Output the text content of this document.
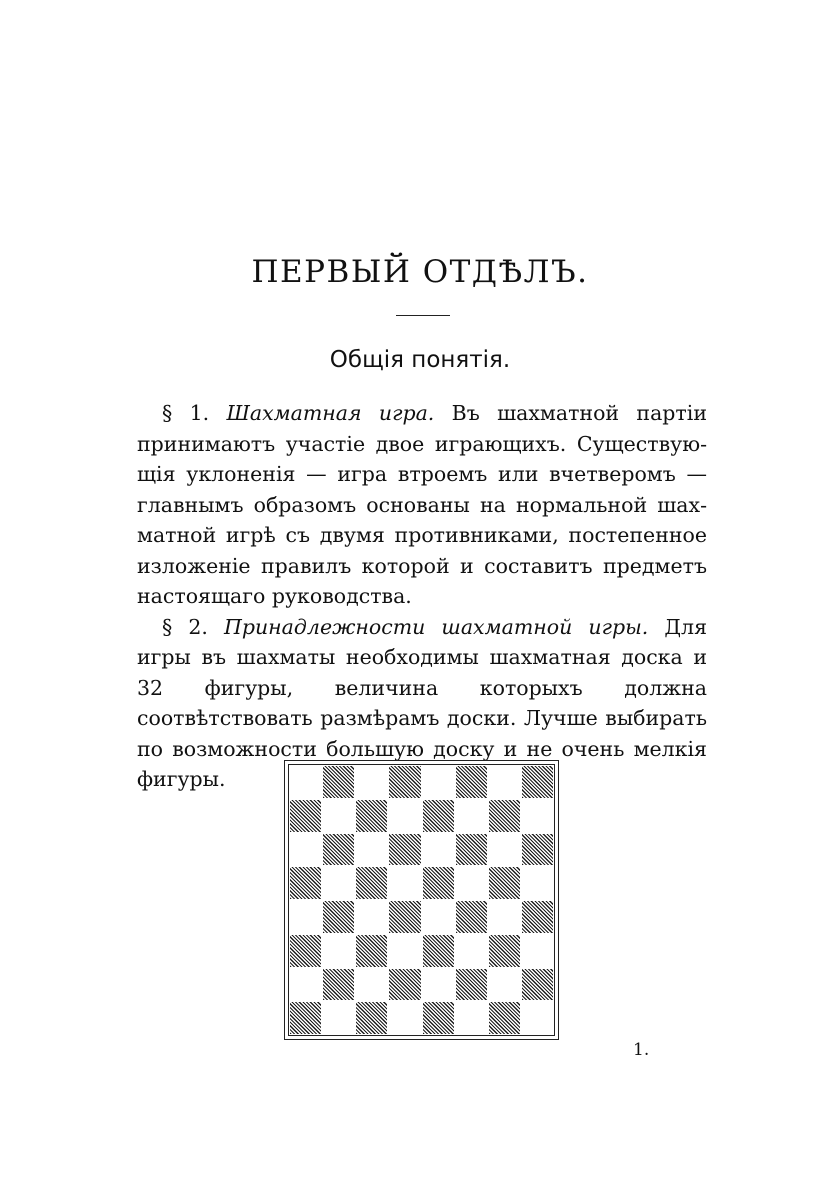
ПЕРВЫЙ ОТДѢЛЪ.
Общія понятія.

§ 1. Шахматная игра. Въ шахматной партіи принимаютъ участіе двое играющихъ. Существующія уклоненія — игра втроемъ или вчетверомъ — главнымъ образомъ основаны на нормальной шахматной игрѣ съ двумя противниками, постепенное изложеніе правилъ которой и составитъ предметъ настоящаго руководства.

§ 2. Принадлежности шахматной игры. Для игры въ шахматы необходимы шахматная доска и 32 фигуры, величина которыхъ должна соотвѣтствовать размѣрамъ доски. Лучше выбирать по возможности большую доску и не очень мелкія фигуры.

1.
